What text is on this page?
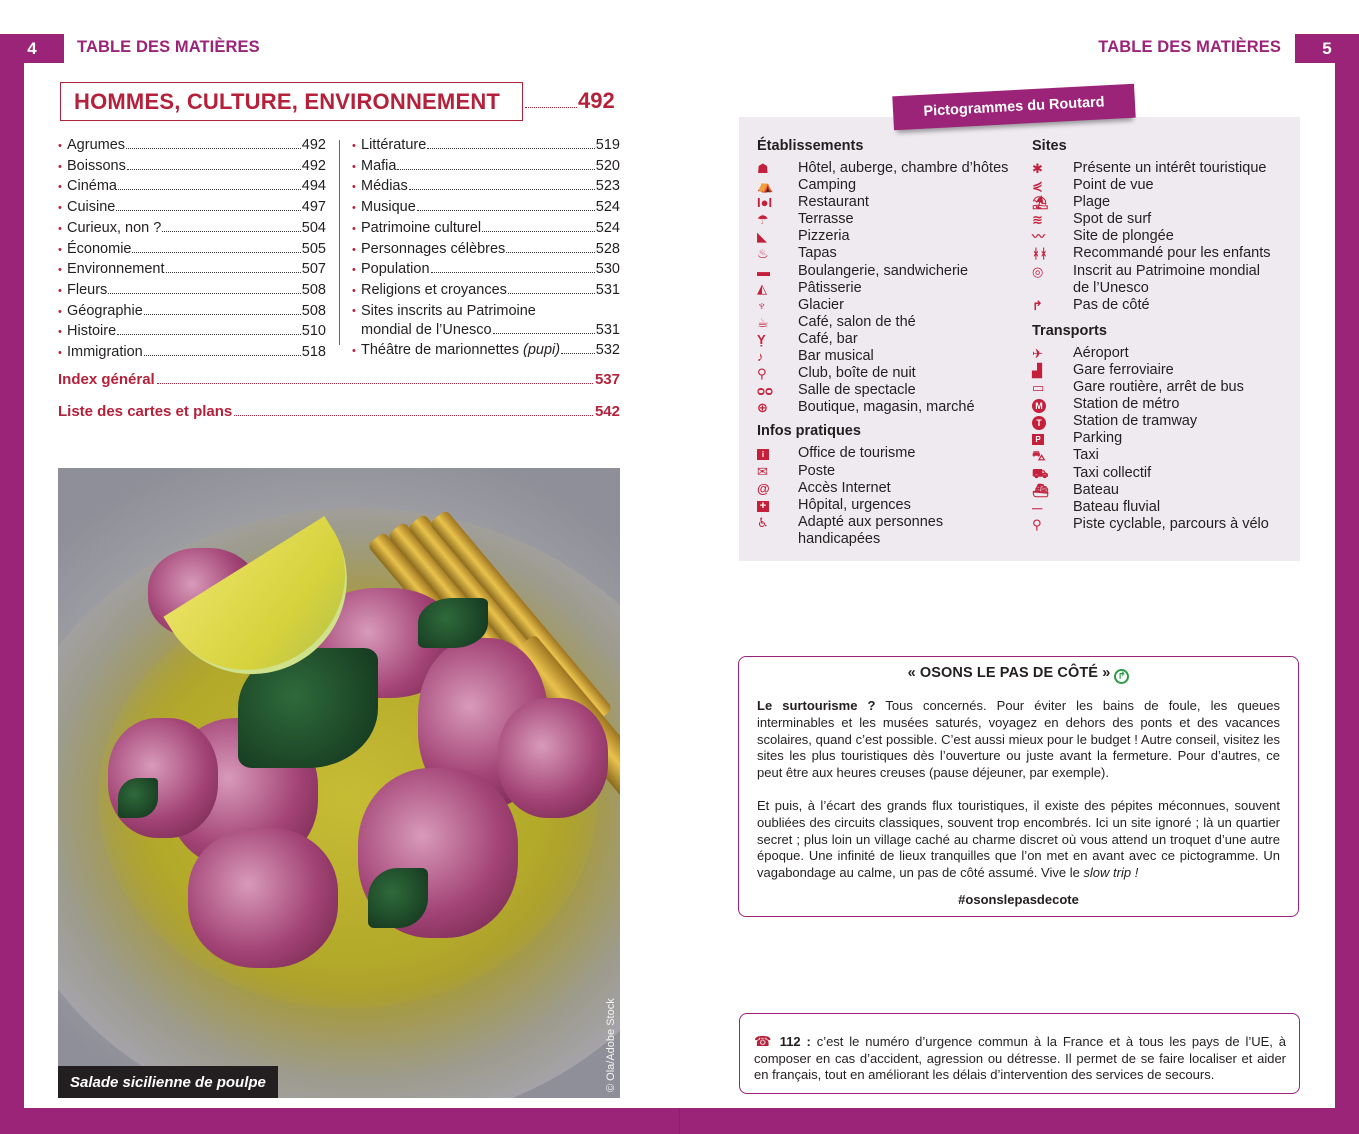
4	TABLE DES MATIÈRES	5
TABLE DES MATIÈRES
HOMMES, CULTURE, ENVIRONNEMENT	492
• Agrumes	492
• Boissons	492
• Cinéma	494
• Cuisine	497
• Curieux, non ?	504
• Économie	505
• Environnement	507
• Fleurs	508
• Géographie	508
• Histoire	510
• Immigration	518
• Littérature	519
• Mafia	520
• Médias	523
• Musique	524
• Patrimoine culturel	524
• Personnages célèbres	528
• Population	530
• Religions et croyances	531
• Sites inscrits au Patrimoine
mondial de l’Unesco	531
• Théâtre de marionnettes (pupi) 532
Index général	537
Liste des cartes et plans	542
Salade sicilienne de poulpe	© Ola/Adobe Stock
Pictogrammes du Routard
Établissements
☗	Hôtel, auberge, chambre d’hôtes
⛺	Camping
I●I	Restaurant
☂	Terrasse
◣	Pizzeria
♨	Tapas
▬	Boulangerie, sandwicherie
◭	Pâtisserie
♆	Glacier
☕	Café, salon de thé
Ỵ	Café, bar
♪	Bar musical
⚲	Club, boîte de nuit
ᴑᴑ	Salle de spectacle
⊕	Boutique, magasin, marché
Infos pratiques
i	Office de tourisme
✉	Poste
@	Accès Internet
+	Hôpital, urgences
♿	Adapté aux personnes
handicapées
Sites
✱	Présente un intérêt touristique
⋞	Point de vue
⛱	Plage
≋	Spot de surf
〰	Site de plongée
ᚼᚼ	Recommandé pour les enfants
◎	Inscrit au Patrimoine mondial
de l’Unesco
↱	Pas de côté
Transports
✈	Aéroport
▟	Gare ferroviaire
▭	Gare routière, arrêt de bus
M	Station de métro
T	Station de tramway
P	Parking
⛍	Taxi
⛟	Taxi collectif
⛴	Bateau
⏤	Bateau fluvial
⚲	Piste cyclable, parcours à vélo
« OSONS LE PAS DE CÔTÉ » ↱

Le surtourisme ? Tous concernés. Pour éviter les bains de foule, les queues interminables et les musées saturés, voyagez en dehors des ponts et des vacances scolaires, quand c’est possible. C’est aussi mieux pour le budget ! Autre conseil, visitez les sites les plus touristiques dès l’ouverture ou juste avant la fermeture. Pour d’autres, ce peut être aux heures creuses (pause déjeuner, par exemple).

Et puis, à l’écart des grands flux touristiques, il existe des pépites méconnues, souvent oubliées des circuits classiques, souvent trop encombrés. Ici un site ignoré ; là un quartier secret ; plus loin un village caché au charme discret où vous attend un troquet d’une autre époque. Une infinité de lieux tranquilles que l’on met en avant avec ce pictogramme. Un vagabondage au calme, un pas de côté assumé. Vive le slow trip !

#osonslepasdecote
☎ 112 : c’est le numéro d’urgence commun à la France et à tous les pays de l’UE, à composer en cas d’accident, agression ou détresse. Il permet de se faire localiser et aider en français, tout en améliorant les délais d’intervention des services de secours.
